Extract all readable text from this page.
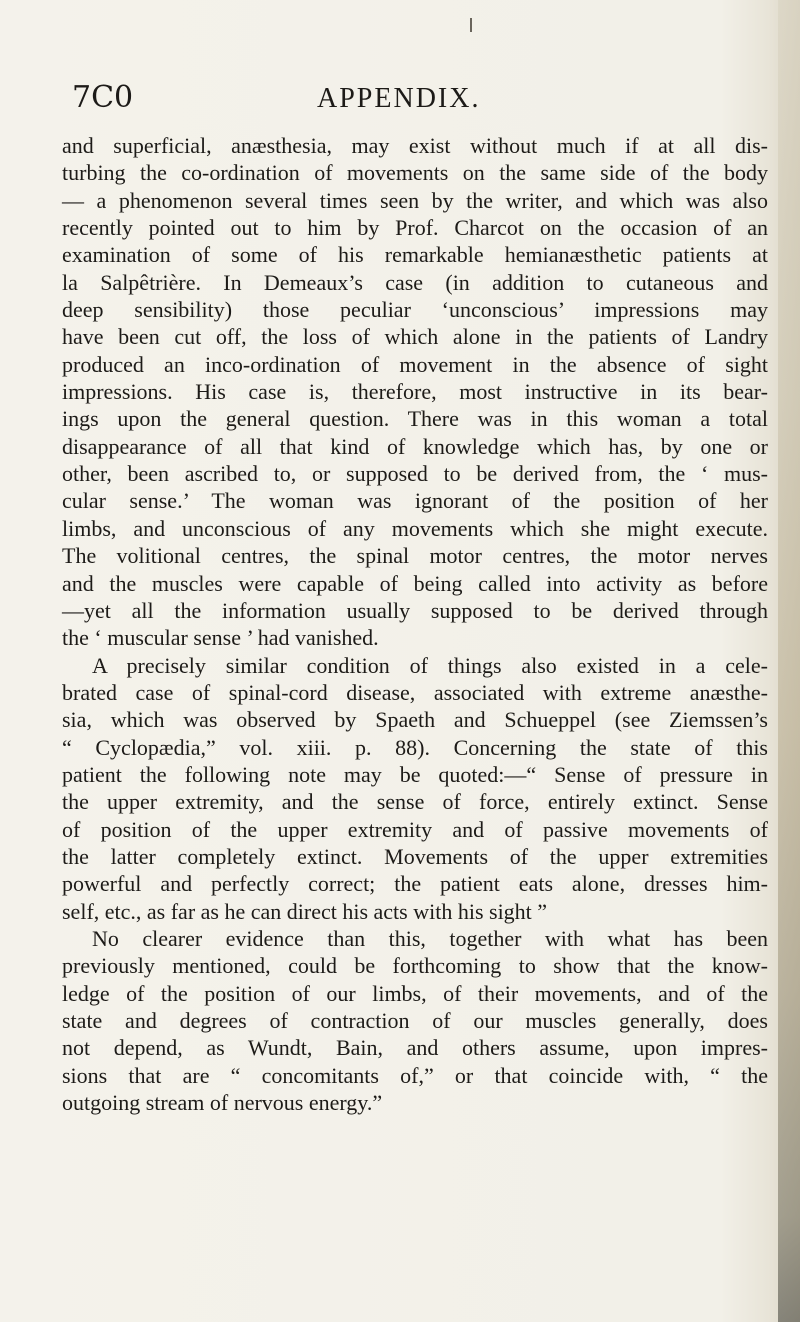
7C0	APPENDIX.
and superficial, anæsthesia, may exist without much if at all dis-
turbing the co-ordination of movements on the same side of the body
— a phenomenon several times seen by the writer, and which was also
recently pointed out to him by Prof. Charcot on the occasion of an
examination of some of his remarkable hemianæsthetic patients at
la Salpêtrière. In Demeaux’s case (in addition to cutaneous and
deep sensibility) those peculiar ‘unconscious’ impressions may
have been cut off, the loss of which alone in the patients of Landry
produced an inco-ordination of movement in the absence of sight
impressions. His case is, therefore, most instructive in its bear-
ings upon the general question. There was in this woman a total
disappearance of all that kind of knowledge which has, by one or
other, been ascribed to, or supposed to be derived from, the ‘ mus-
cular sense.’ The woman was ignorant of the position of her
limbs, and unconscious of any movements which she might execute.
The volitional centres, the spinal motor centres, the motor nerves
and the muscles were capable of being called into activity as before
—yet all the information usually supposed to be derived through
the ‘ muscular sense ’ had vanished.
A precisely similar condition of things also existed in a cele-
brated case of spinal-cord disease, associated with extreme anæsthe-
sia, which was observed by Spaeth and Schueppel (see Ziemssen’s
“ Cyclopædia,” vol. xiii. p. 88). Concerning the state of this
patient the following note may be quoted:—“ Sense of pressure in
the upper extremity, and the sense of force, entirely extinct. Sense
of position of the upper extremity and of passive movements of
the latter completely extinct. Movements of the upper extremities
powerful and perfectly correct; the patient eats alone, dresses him-
self, etc., as far as he can direct his acts with his sight ”
No clearer evidence than this, together with what has been
previously mentioned, could be forthcoming to show that the know-
ledge of the position of our limbs, of their movements, and of the
state and degrees of contraction of our muscles generally, does
not depend, as Wundt, Bain, and others assume, upon impres-
sions that are “ concomitants of,” or that coincide with, “ the
outgoing stream of nervous energy.”
